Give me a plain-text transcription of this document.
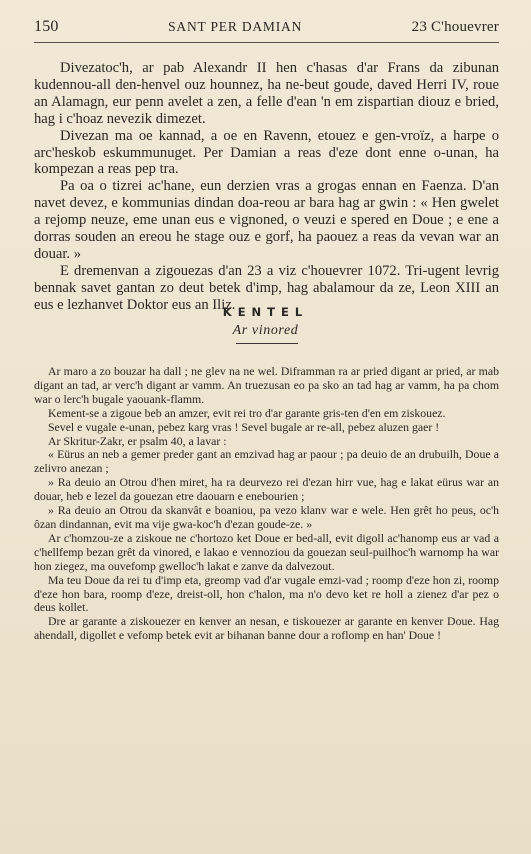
150	SANT PER DAMIAN	23 C'houevrer

Divezatoc'h, ar pab Alexandr II hen c'hasas d'ar Frans da zibunan kudennou-all den-henvel ouz hounnez, ha ne-beut goude, daved Herri IV, roue an Alamagn, eur penn avelet a zen, a felle d'ean 'n em zispartian diouz e bried, hag i c'hoaz nevezik dimezet.

Divezan ma oe kannad, a oe en Ravenn, etouez e gen-vroïz, a harpe o arc'heskob eskummunuget. Per Damian a reas d'eze dont enne o-unan, ha kompezan a reas pep tra.

Pa oa o tizrei ac'hane, eun derzien vras a grogas ennan en Faenza. D'an navet devez, e kommunias dindan doa-reou ar bara hag ar gwin : « Hen gwelet a rejomp neuze, eme unan eus e vignoned, o veuzi e spered en Doue ; e ene a dorras souden an ereou he stage ouz e gorf, ha paouez a reas da vevan war an douar. »

E dremenvan a zigouezas d'an 23 a viz c'houevrer 1072. Tri-ugent levrig bennak savet gantan zo deut betek d'imp, hag abalamour da ze, Leon XIII an eus e lezhanvet Doktor eus an Iliz.

KENTEL
Ar vinored

Ar maro a zo bouzar ha dall ; ne glev na ne wel. Diframman ra ar pried digant ar pried, ar mab digant an tad, ar verc'h digant ar vamm. An truezusan eo pa sko an tad hag ar vamm, ha pa chom war o lerc'h bugale yaouank-flamm.

Kement-se a zigoue beb an amzer, evit rei tro d'ar garante gris-ten d'en em ziskouez.

Sevel e vugale e-unan, pebez karg vras ! Sevel bugale ar re-all, pebez aluzen gaer !

Ar Skritur-Zakr, er psalm 40, a lavar :

« Eürus an neb a gemer preder gant an emzivad hag ar paour ; pa deuio de an drubuilh, Doue a zelivro anezan ;

» Ra deuio an Otrou d'hen miret, ha ra deurvezo rei d'ezan hirr vue, hag e lakat eürus war an douar, heb e lezel da gouezan etre daouarn e enebourien ;

» Ra deuio an Otrou da skanvât e boaniou, pa vezo klanv war e wele. Hen grêt ho peus, oc'h ôzan dindannan, evit ma vije gwa-koc'h d'ezan goude-ze. »

Ar c'homzou-ze a ziskoue ne c'hortozo ket Doue er bed-all, evit digoll ac'hanomp eus ar vad a c'hellfemp bezan grêt da vinored, e lakao e vennoziou da gouezan seul-puilhoc'h warnomp ha war hon ziegez, ma ouvefomp gwelloc'h lakat e zanve da dalvezout.

Ma teu Doue da rei tu d'imp eta, greomp vad d'ar vugale emzi-vad ; roomp d'eze hon zi, roomp d'eze hon bara, roomp d'eze, dreist-oll, hon c'halon, ma n'o devo ket re holl a zienez d'ar pez o deus kollet.

Dre ar garante a ziskouezer en kenver an nesan, e tiskouezer ar garante en kenver Doue. Hag ahendall, digollet e vefomp betek evit ar bihanan banne dour a roflomp en han' Doue !
